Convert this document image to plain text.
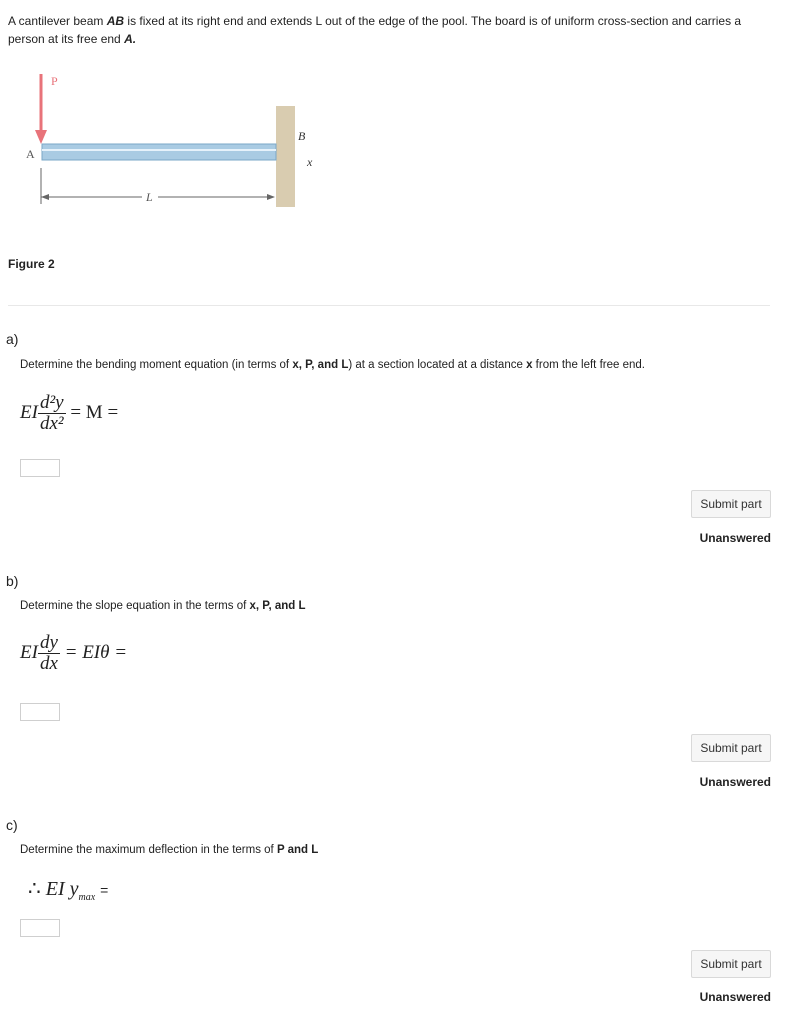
A cantilever beam AB is fixed at its right end and extends L out of the edge of the pool. The board is of uniform cross-section and carries a person at its free end A.
P
A
B
x
L
Figure 2
a)
Determine the bending moment equation (in terms of x, P, and L) at a section located at a distance x from the left free end.
EI $\frac{\text{d²y}}{\text{dx²}} = M$ =
Submit part
Unanswered
b)
Determine the slope equation in the terms of x, P, and L
EI $\frac{dy}{dx} = EI\theta$ =
Submit part
Unanswered
c)
Determine the maximum deflection in the terms of P and L
∴ EI $y_{max}$ =
Submit part
Unanswered
